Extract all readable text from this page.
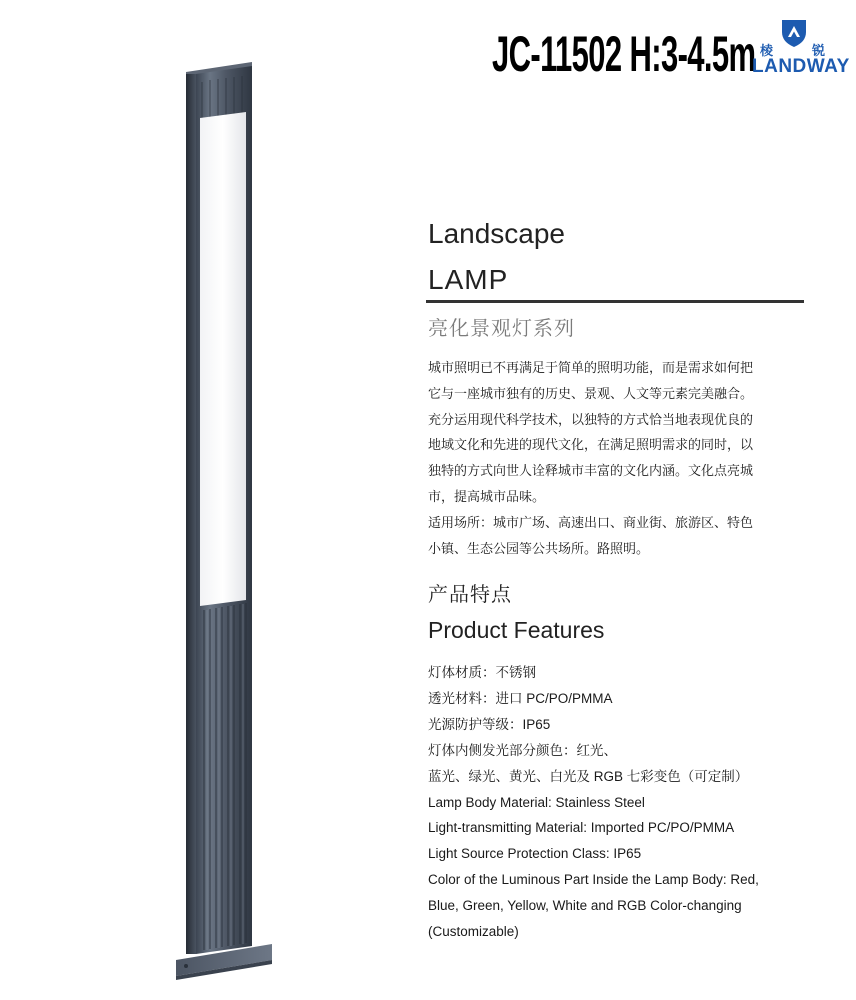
JC-11502 H:3-4.5m 棱	锐
LANDWAY
Landscape
LAMP
亮化景观灯系列

城市照明已不再满足于简单的照明功能，而是需求如何把

它与一座城市独有的历史、景观、人文等元素完美融合。

充分运用现代科学技术，以独特的方式恰当地表现优良的

地域文化和先进的现代文化，在满足照明需求的同时，以

独特的方式向世人诠释城市丰富的文化内涵。文化点亮城

市，提高城市品味。

适用场所：城市广场、高速出口、商业街、旅游区、特色

小镇、生态公园等公共场所。路照明。

产品特点
Product Features

灯体材质：不锈钢

透光材料：进口 PC/PO/PMMA

光源防护等级：IP65

灯体内侧发光部分颜色：红光、

蓝光、绿光、黄光、白光及 RGB 七彩变色（可定制）

Lamp Body Material: Stainless Steel

Light-transmitting Material: Imported PC/PO/PMMA

Light Source Protection Class: IP65

Color of the Luminous Part Inside the Lamp Body: Red,

Blue, Green, Yellow, White and RGB Color-changing

(Customizable)
